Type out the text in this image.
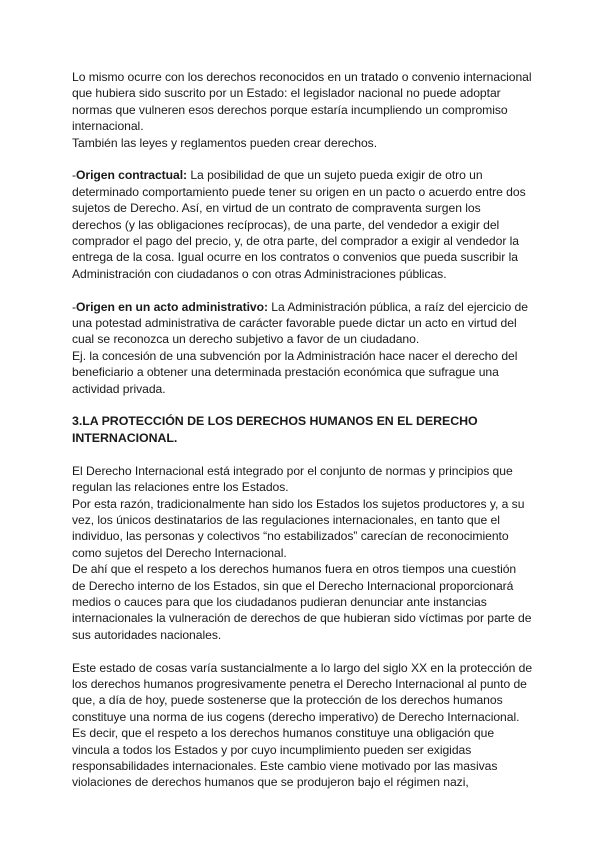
Lo mismo ocurre con los derechos reconocidos en un tratado o convenio internacional que hubiera sido suscrito por un Estado: el legislador nacional no puede adoptar normas que vulneren esos derechos porque estaría incumpliendo un compromiso internacional.

También las leyes y reglamentos pueden crear derechos.

-Origen contractual: La posibilidad de que un sujeto pueda exigir de otro un determinado comportamiento puede tener su origen en un pacto o acuerdo entre dos sujetos de Derecho. Así, en virtud de un contrato de compraventa surgen los derechos (y las obligaciones recíprocas), de una parte, del vendedor a exigir del comprador el pago del precio, y, de otra parte, del comprador a exigir al vendedor la entrega de la cosa. Igual ocurre en los contratos o convenios que pueda suscribir la Administración con ciudadanos o con otras Administraciones públicas.

-Origen en un acto administrativo: La Administración pública, a raíz del ejercicio de una potestad administrativa de carácter favorable puede dictar un acto en virtud del cual se reconozca un derecho subjetivo a favor de un ciudadano.

Ej. la concesión de una subvención por la Administración hace nacer el derecho del beneficiario a obtener una determinada prestación económica que sufrague una actividad privada.

3.LA PROTECCIÓN DE LOS DERECHOS HUMANOS EN EL DERECHO INTERNACIONAL.

El Derecho Internacional está integrado por el conjunto de normas y principios que regulan las relaciones entre los Estados.

Por esta razón, tradicionalmente han sido los Estados los sujetos productores y, a su vez, los únicos destinatarios de las regulaciones internacionales, en tanto que el individuo, las personas y colectivos “no estabilizados” carecían de reconocimiento como sujetos del Derecho Internacional.

De ahí que el respeto a los derechos humanos fuera en otros tiempos una cuestión de Derecho interno de los Estados, sin que el Derecho Internacional proporcionará medios o cauces para que los ciudadanos pudieran denunciar ante instancias internacionales la vulneración de derechos de que hubieran sido víctimas por parte de sus autoridades nacionales.

Este estado de cosas varía sustancialmente a lo largo del siglo XX en la protección de los derechos humanos progresivamente penetra el Derecho Internacional al punto de que, a día de hoy, puede sostenerse que la protección de los derechos humanos constituye una norma de ius cogens (derecho imperativo) de Derecho Internacional. Es decir, que el respeto a los derechos humanos constituye una obligación que vincula a todos los Estados y por cuyo incumplimiento pueden ser exigidas responsabilidades internacionales. Este cambio viene motivado por las masivas violaciones de derechos humanos que se produjeron bajo el régimen nazi,
